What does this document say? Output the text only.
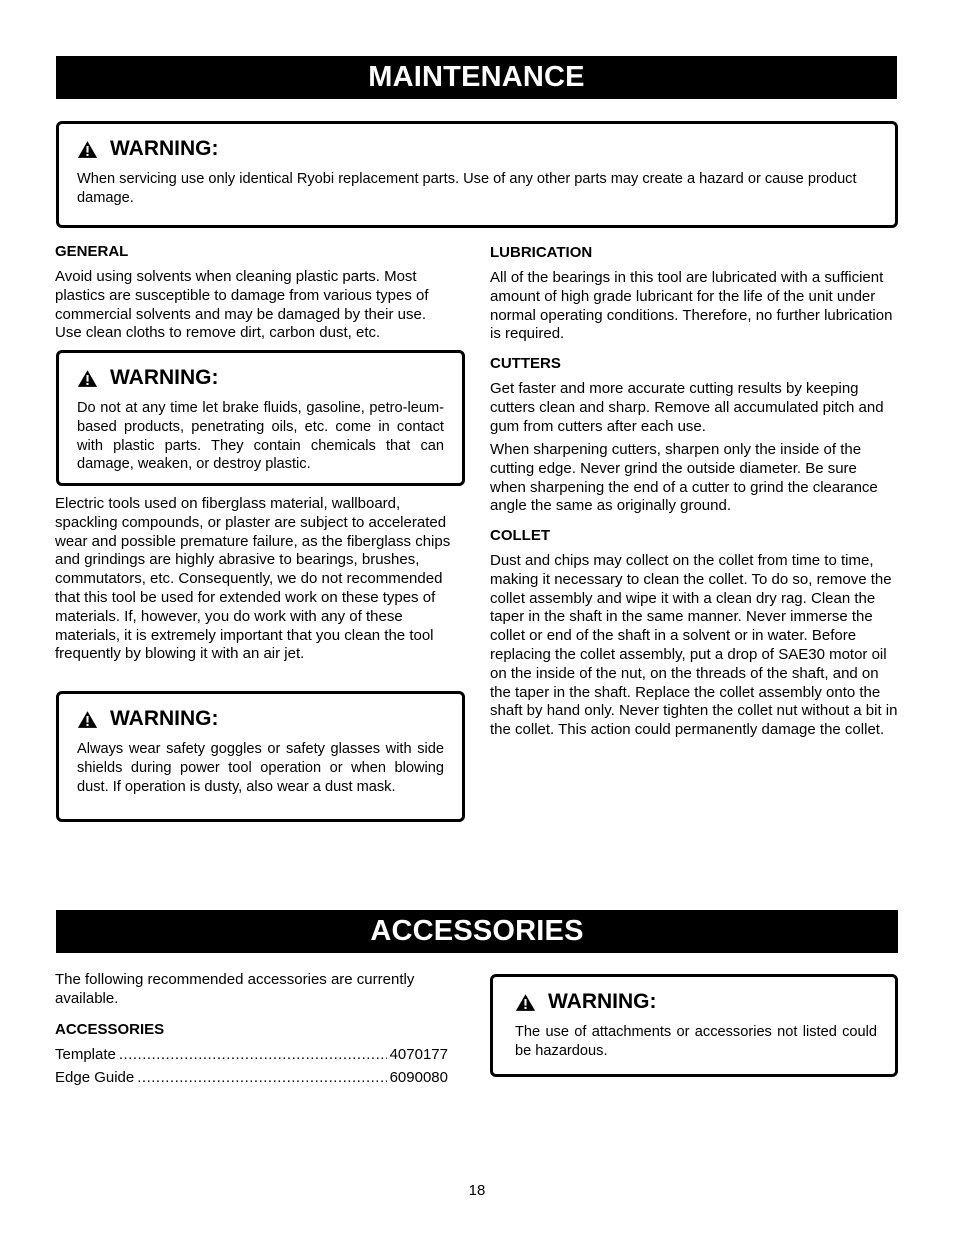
MAINTENANCE
WARNING:

When servicing use only identical Ryobi replacement parts. Use of any other parts may create a hazard or cause product damage.

GENERAL

Avoid using solvents when cleaning plastic parts. Most plastics are susceptible to damage from various types of commercial solvents and may be damaged by their use. Use clean cloths to remove dirt, carbon dust, etc.

WARNING:

Do not at any time let brake fluids, gasoline, petro-leum-based products, penetrating oils, etc. come in contact with plastic parts. They contain chemicals that can damage, weaken, or destroy plastic.

Electric tools used on fiberglass material, wallboard, spackling compounds, or plaster are subject to accelerated wear and possible premature failure, as the fiberglass chips and grindings are highly abrasive to bearings, brushes, commutators, etc. Consequently, we do not recommended that this tool be used for extended work on these types of materials. If, however, you do work with any of these materials, it is extremely important that you clean the tool frequently by blowing it with an air jet.

WARNING:

Always wear safety goggles or safety glasses with side shields during power tool operation or when blowing dust. If operation is dusty, also wear a dust mask.

LUBRICATION

All of the bearings in this tool are lubricated with a sufficient amount of high grade lubricant for the life of the unit under normal operating conditions. Therefore, no further lubrication is required.

CUTTERS

Get faster and more accurate cutting results by keeping cutters clean and sharp. Remove all accumulated pitch and gum from cutters after each use.

When sharpening cutters, sharpen only the inside of the cutting edge. Never grind the outside diameter. Be sure when sharpening the end of a cutter to grind the clearance angle the same as originally ground.

COLLET

Dust and chips may collect on the collet from time to time, making it necessary to clean the collet. To do so, remove the collet assembly and wipe it with a clean dry rag. Clean the taper in the shaft in the same manner. Never immerse the collet or end of the shaft in a solvent or in water. Before replacing the collet assembly, put a drop of SAE30 motor oil on the inside of the nut, on the threads of the shaft, and on the taper in the shaft. Replace the collet assembly onto the shaft by hand only. Never tighten the collet nut without a bit in the collet. This action could permanently damage the collet.

ACCESSORIES

The following recommended accessories are currently available.

ACCESSORIES

Template .....	4070177
Edge Guide .....	6090080
WARNING:

The use of attachments or accessories not listed could be hazardous.

18
